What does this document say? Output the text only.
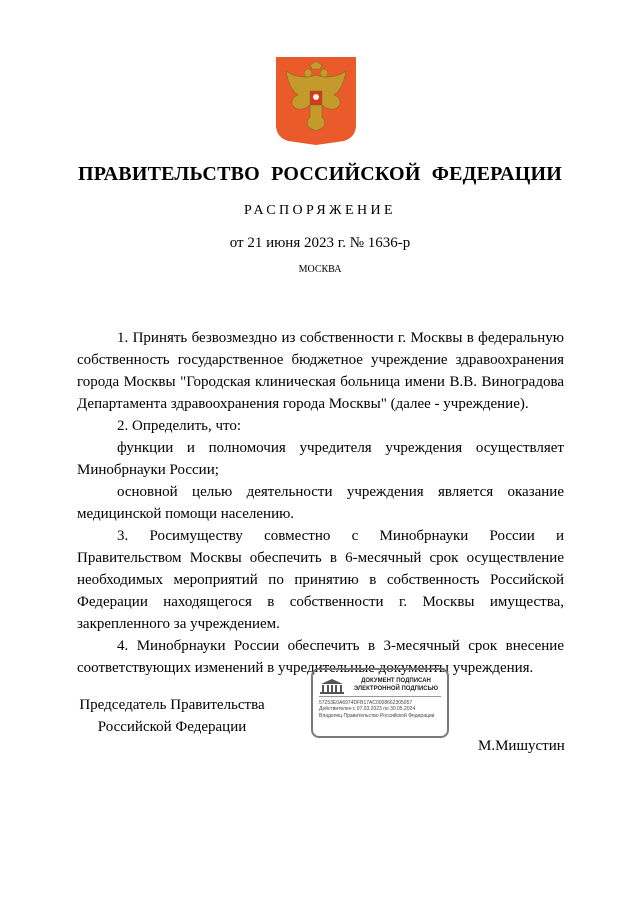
ПРАВИТЕЛЬСТВО РОССИЙСКОЙ ФЕДЕРАЦИИ
РАСПОРЯЖЕНИЕ
от 21 июня 2023 г. № 1636-р
МОСКВА

1. Принять безвозмездно из собственности г. Москвы в федеральную собственность государственное бюджетное учреждение здравоохранения города Москвы "Городская клиническая больница имени В.В. Виноградова Департамента здравоохранения города Москвы" (далее - учреждение).

2. Определить, что:

функции и полномочия учредителя учреждения осуществляет Минобрнауки России;

основной целью деятельности учреждения является оказание медицинской помощи населению.

3. Росимуществу совместно с Минобрнауки России и Правительством Москвы обеспечить в 6-месячный срок осуществление необходимых мероприятий по принятию в собственность Российской Федерации находящегося в собственности г. Москвы имущества, закрепленного за учреждением.

4. Минобрнауки России обеспечить в 3-месячный срок внесение соответствующих изменений в учредительные документы учреждения.

Председатель Правительства
Российской Федерации
ДОКУМЕНТ ПОДПИСАН
ЭЛЕКТРОННОЙ ПОДПИСЬЮ
57253E0A6974DFB17AC0008662305057
Действителен с 07.03.2023 по 30.05.2024
Владелец Правительство Российской Федерации
М.Мишустин
